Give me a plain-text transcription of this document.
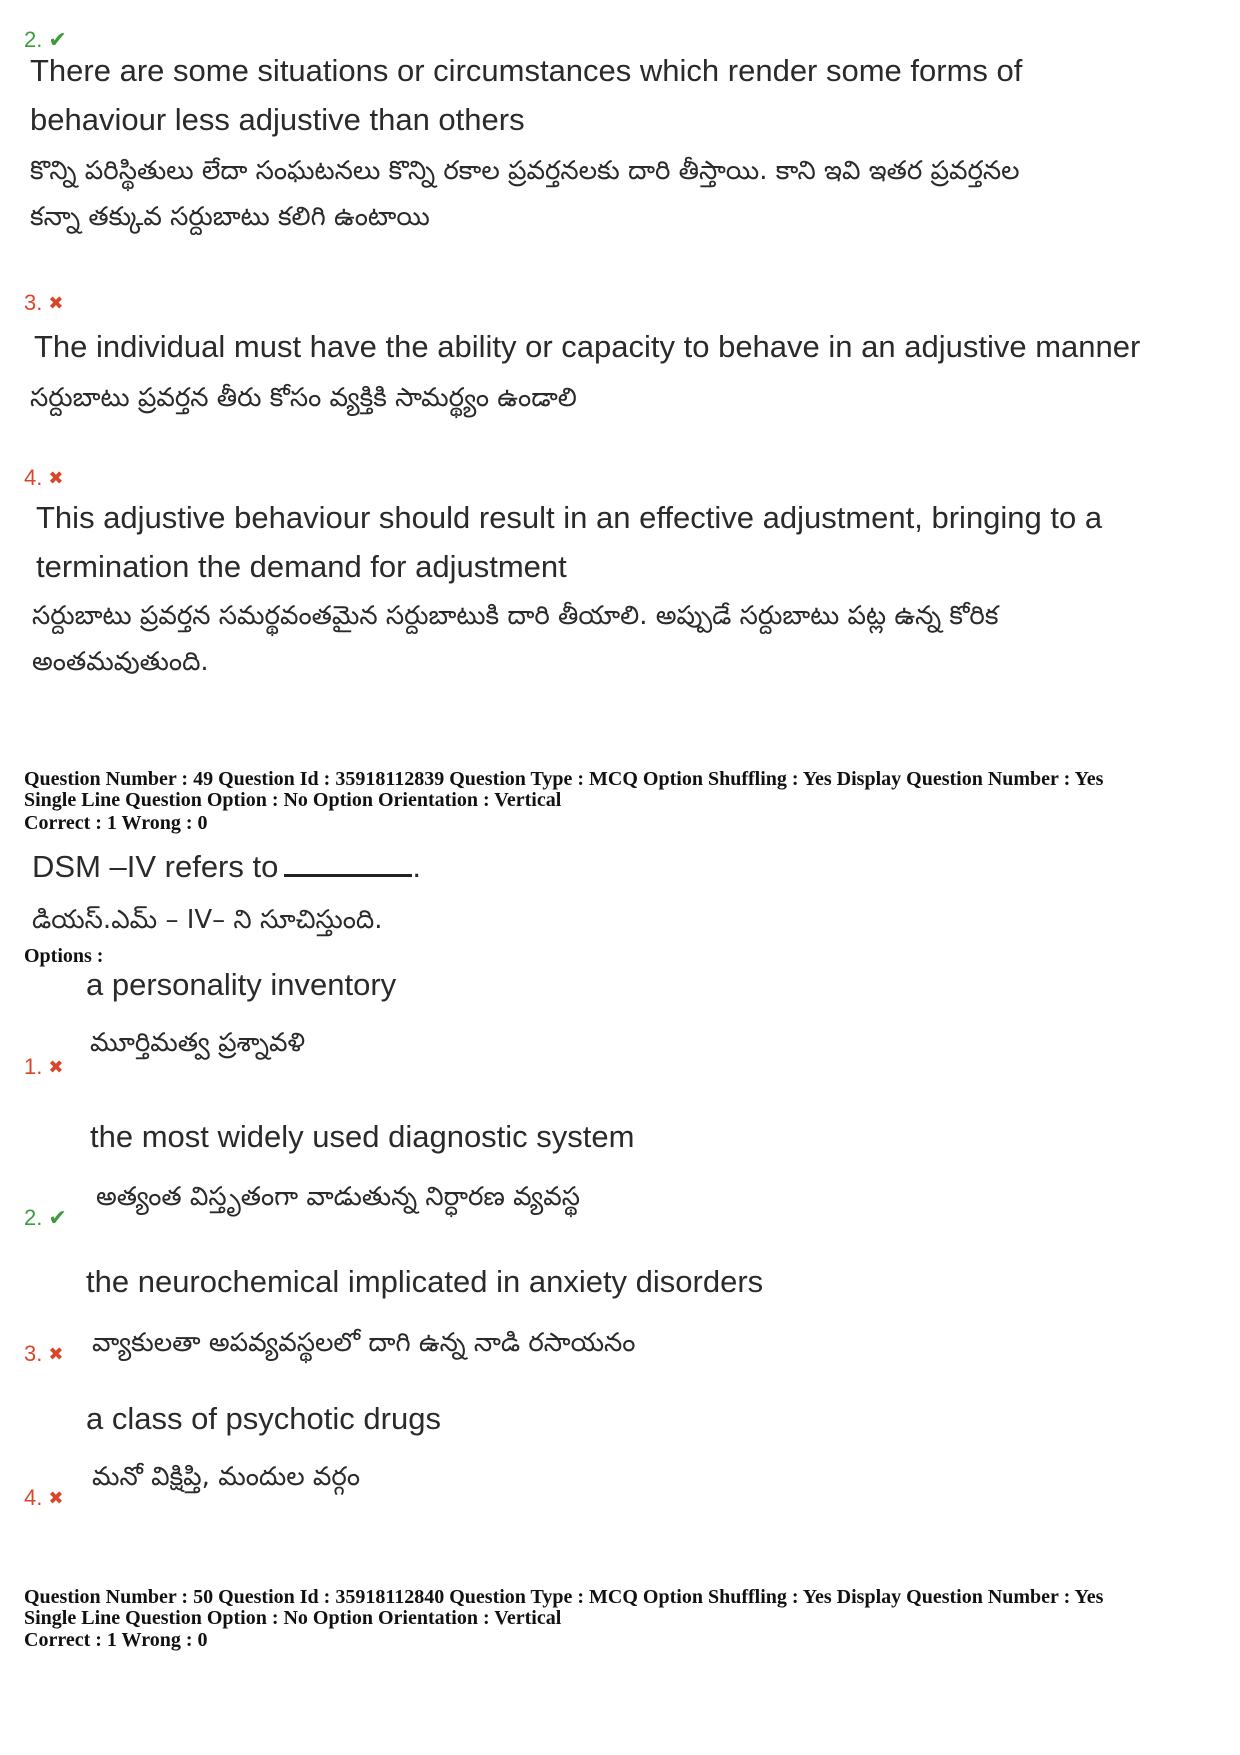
2. ✔
There are some situations or circumstances which render some forms of
behaviour less adjustive than others
కొన్ని పరిస్థితులు లేదా సంఘటనలు కొన్ని రకాల ప్రవర్తనలకు దారి తీస్తాయి. కాని ఇవి ఇతర ప్రవర్తనల
కన్నా తక్కువ సర్దుబాటు కలిగి ఉంటాయి
3. ✖
The individual must have the ability or capacity to behave in an adjustive manner
సర్దుబాటు ప్రవర్తన తీరు కోసం వ్యక్తికి సామర్థ్యం ఉండాలి
4. ✖
This adjustive behaviour should result in an effective adjustment, bringing to a
termination the demand for adjustment
సర్దుబాటు ప్రవర్తన సమర్థవంతమైన సర్దుబాటుకి దారి తీయాలి. అప్పుడే సర్దుబాటు పట్ల ఉన్న కోరిక
అంతమవుతుంది.
Question Number : 49 Question Id : 35918112839 Question Type : MCQ Option Shuffling : Yes Display Question Number : Yes
Single Line Question Option : No Option Orientation : Vertical
Correct : 1 Wrong : 0
DSM –IV refers to	.
డియస్.ఎమ్ – IV– ని సూచిస్తుంది.
Options :
a personality inventory
మూర్తిమత్వ ప్రశ్నావళి
1. ✖
the most widely used diagnostic system
అత్యంత విస్తృతంగా వాడుతున్న నిర్ధారణ వ్యవస్థ
2. ✔
the neurochemical implicated in anxiety disorders
వ్యాకులతా అపవ్యవస్థలలో దాగి ఉన్న నాడి రసాయనం
3. ✖
a class of psychotic drugs
మనో విక్షిప్తి, మందుల వర్గం
4. ✖
Question Number : 50 Question Id : 35918112840 Question Type : MCQ Option Shuffling : Yes Display Question Number : Yes
Single Line Question Option : No Option Orientation : Vertical
Correct : 1 Wrong : 0
